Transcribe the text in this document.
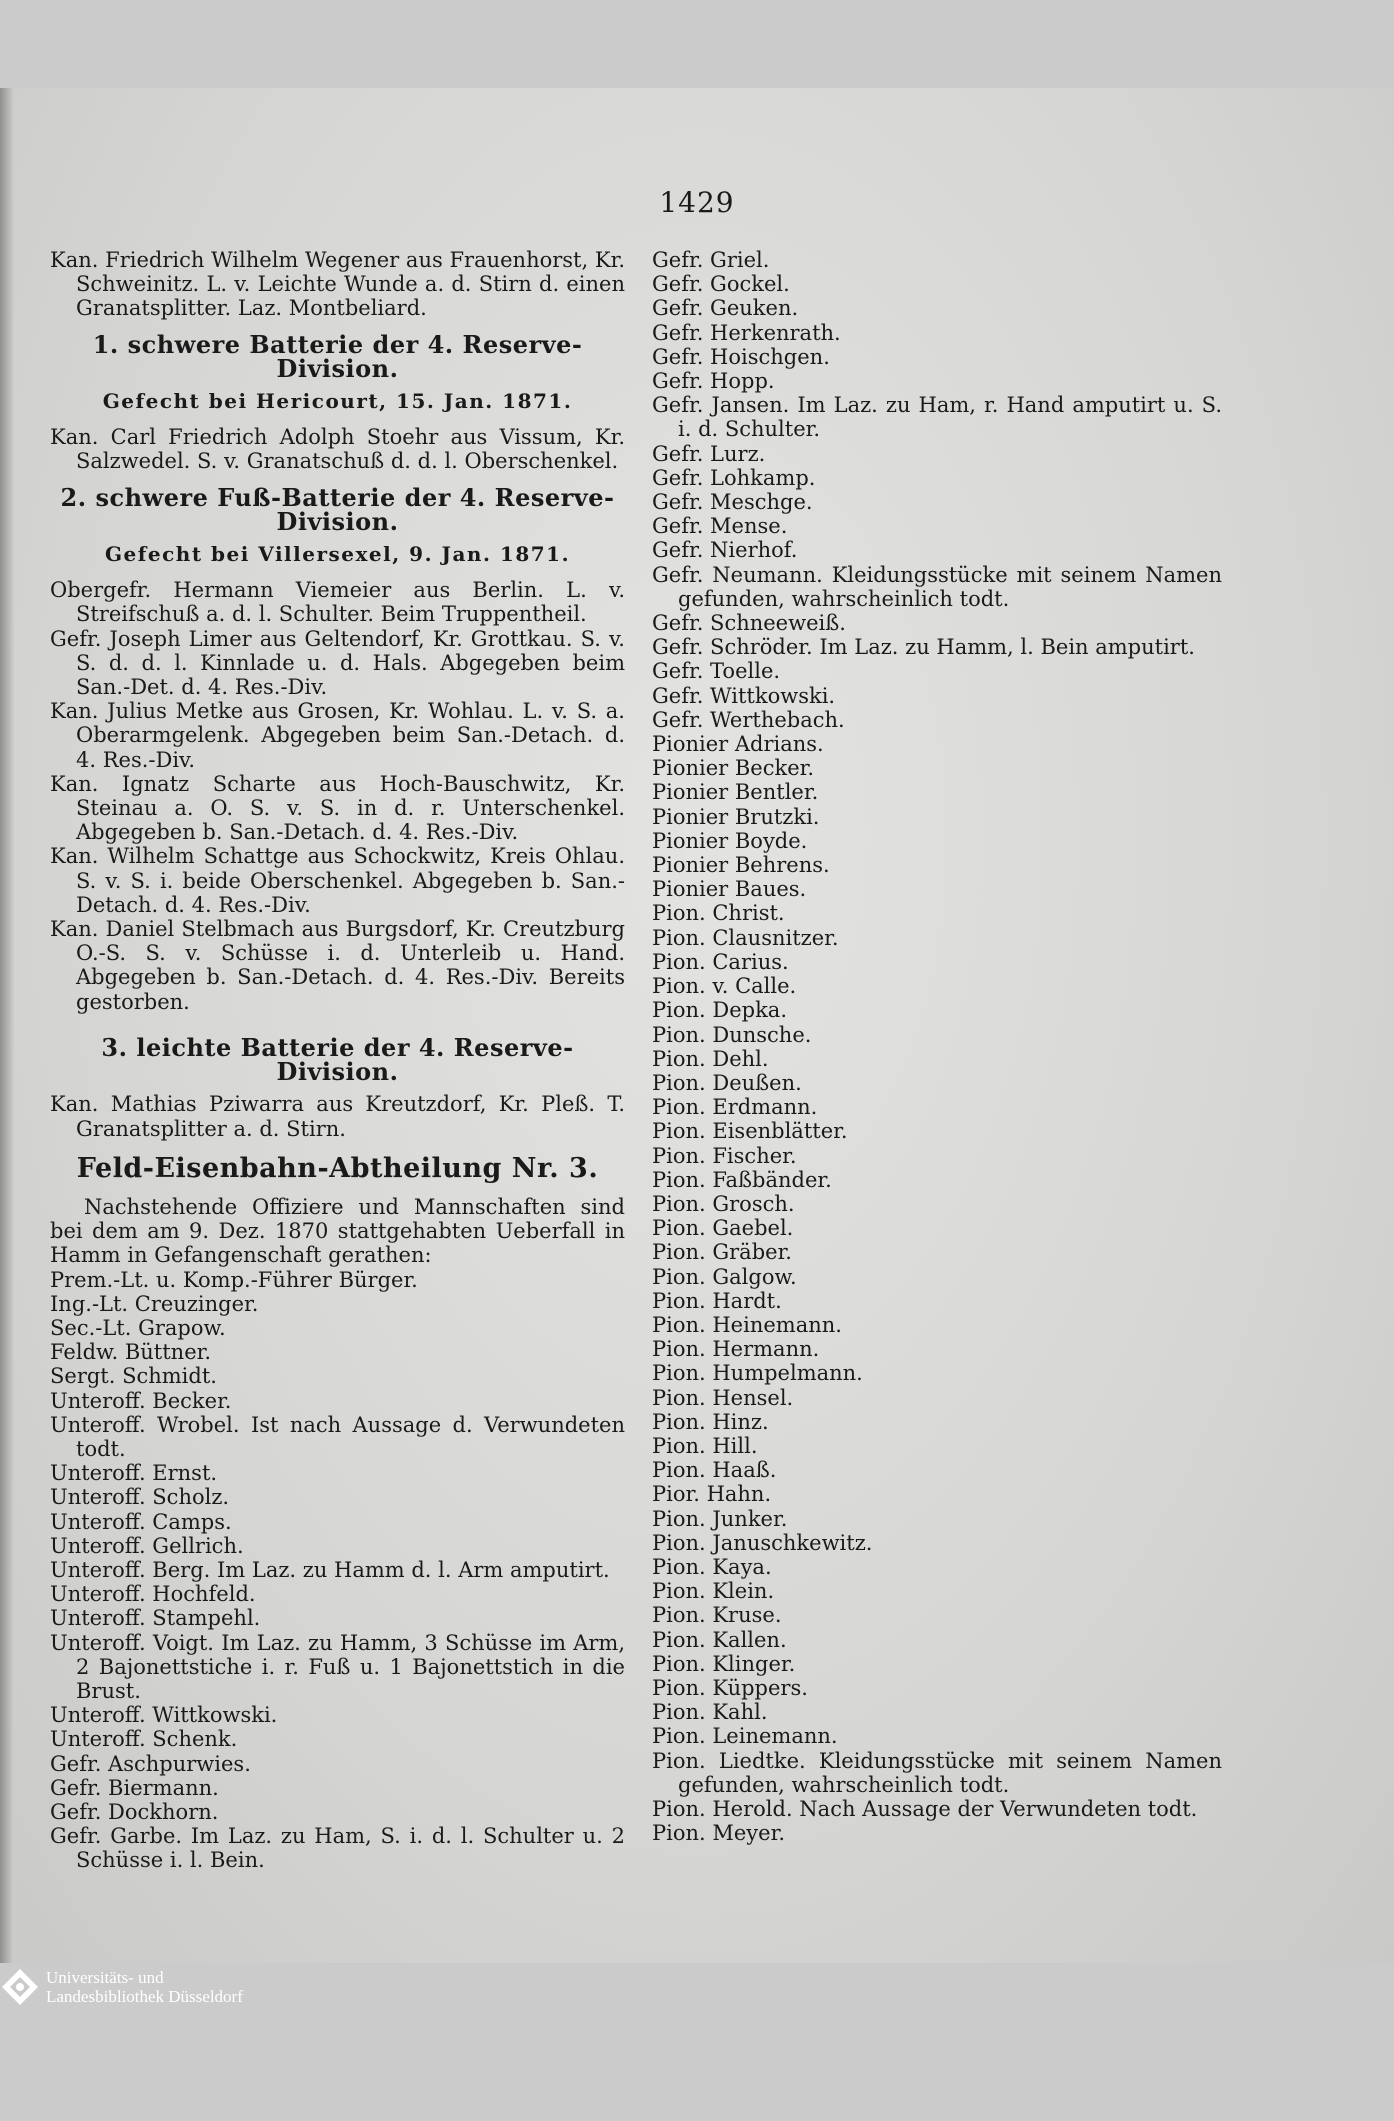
1429

Kan. Friedrich Wilhelm Wegener aus Frauenhorst, Kr. Schweinitz. L. v. Leichte Wunde a. d. Stirn d. einen Granatsplitter. Laz. Montbeliard.

1. schwere Batterie der 4. Reserve-Division.
Gefecht bei Hericourt, 15. Jan. 1871.

Kan. Carl Friedrich Adolph Stoehr aus Vissum, Kr. Salzwedel. S. v. Granatschuß d. d. l. Oberschenkel.

2. schwere Fuß-Batterie der 4. Reserve-Division.
Gefecht bei Villersexel, 9. Jan. 1871.

Obergefr. Hermann Viemeier aus Berlin. L. v. Streifschuß a. d. l. Schulter. Beim Truppentheil.

Gefr. Joseph Limer aus Geltendorf, Kr. Grottkau. S. v. S. d. d. l. Kinnlade u. d. Hals. Abgegeben beim San.-Det. d. 4. Res.-Div.

Kan. Julius Metke aus Grosen, Kr. Wohlau. L. v. S. a. Oberarmgelenk. Abgegeben beim San.-Detach. d. 4. Res.-Div.

Kan. Ignatz Scharte aus Hoch-Bauschwitz, Kr. Steinau a. O. S. v. S. in d. r. Unterschenkel. Abgegeben b. San.-Detach. d. 4. Res.-Div.

Kan. Wilhelm Schattge aus Schockwitz, Kreis Ohlau. S. v. S. i. beide Oberschenkel. Abgegeben b. San.-Detach. d. 4. Res.-Div.

Kan. Daniel Stelbmach aus Burgsdorf, Kr. Creutzburg O.-S. S. v. Schüsse i. d. Unterleib u. Hand. Abgegeben b. San.-Detach. d. 4. Res.-Div. Bereits gestorben.

3. leichte Batterie der 4. Reserve-Division.

Kan. Mathias Pziwarra aus Kreutzdorf, Kr. Pleß. T. Granatsplitter a. d. Stirn.

Feld-Eisenbahn-Abtheilung Nr. 3.

Nachstehende Offiziere und Mannschaften sind bei dem am 9. Dez. 1870 stattgehabten Ueberfall in Hamm in Gefangenschaft gerathen:

Prem.-Lt. u. Komp.-Führer Bürger.

Ing.-Lt. Creuzinger.

Sec.-Lt. Grapow.

Feldw. Büttner.

Sergt. Schmidt.

Unteroff. Becker.

Unteroff. Wrobel. Ist nach Aussage d. Verwundeten todt.

Unteroff. Ernst.

Unteroff. Scholz.

Unteroff. Camps.

Unteroff. Gellrich.

Unteroff. Berg. Im Laz. zu Hamm d. l. Arm amputirt.

Unteroff. Hochfeld.

Unteroff. Stampehl.

Unteroff. Voigt. Im Laz. zu Hamm, 3 Schüsse im Arm, 2 Bajonettstiche i. r. Fuß u. 1 Bajonettstich in die Brust.

Unteroff. Wittkowski.

Unteroff. Schenk.

Gefr. Aschpurwies.

Gefr. Biermann.

Gefr. Dockhorn.

Gefr. Garbe. Im Laz. zu Ham, S. i. d. l. Schulter u. 2 Schüsse i. l. Bein.

Gefr. Griel.

Gefr. Gockel.

Gefr. Geuken.

Gefr. Herkenrath.

Gefr. Hoischgen.

Gefr. Hopp.

Gefr. Jansen. Im Laz. zu Ham, r. Hand amputirt u. S. i. d. Schulter.

Gefr. Lurz.

Gefr. Lohkamp.

Gefr. Meschge.

Gefr. Mense.

Gefr. Nierhof.

Gefr. Neumann. Kleidungsstücke mit seinem Namen gefunden, wahrscheinlich todt.

Gefr. Schneeweiß.

Gefr. Schröder. Im Laz. zu Hamm, l. Bein amputirt.

Gefr. Toelle.

Gefr. Wittkowski.

Gefr. Werthebach.

Pionier Adrians.

Pionier Becker.

Pionier Bentler.

Pionier Brutzki.

Pionier Boyde.

Pionier Behrens.

Pionier Baues.

Pion. Christ.

Pion. Clausnitzer.

Pion. Carius.

Pion. v. Calle.

Pion. Depka.

Pion. Dunsche.

Pion. Dehl.

Pion. Deußen.

Pion. Erdmann.

Pion. Eisenblätter.

Pion. Fischer.

Pion. Faßbänder.

Pion. Grosch.

Pion. Gaebel.

Pion. Gräber.

Pion. Galgow.

Pion. Hardt.

Pion. Heinemann.

Pion. Hermann.

Pion. Humpelmann.

Pion. Hensel.

Pion. Hinz.

Pion. Hill.

Pion. Haaß.

Pior. Hahn.

Pion. Junker.

Pion. Januschkewitz.

Pion. Kaya.

Pion. Klein.

Pion. Kruse.

Pion. Kallen.

Pion. Klinger.

Pion. Küppers.

Pion. Kahl.

Pion. Leinemann.

Pion. Liedtke. Kleidungsstücke mit seinem Namen gefunden, wahrscheinlich todt.

Pion. Herold. Nach Aussage der Verwundeten todt.

Pion. Meyer.

Universitäts- und
Landesbibliothek Düsseldorf
